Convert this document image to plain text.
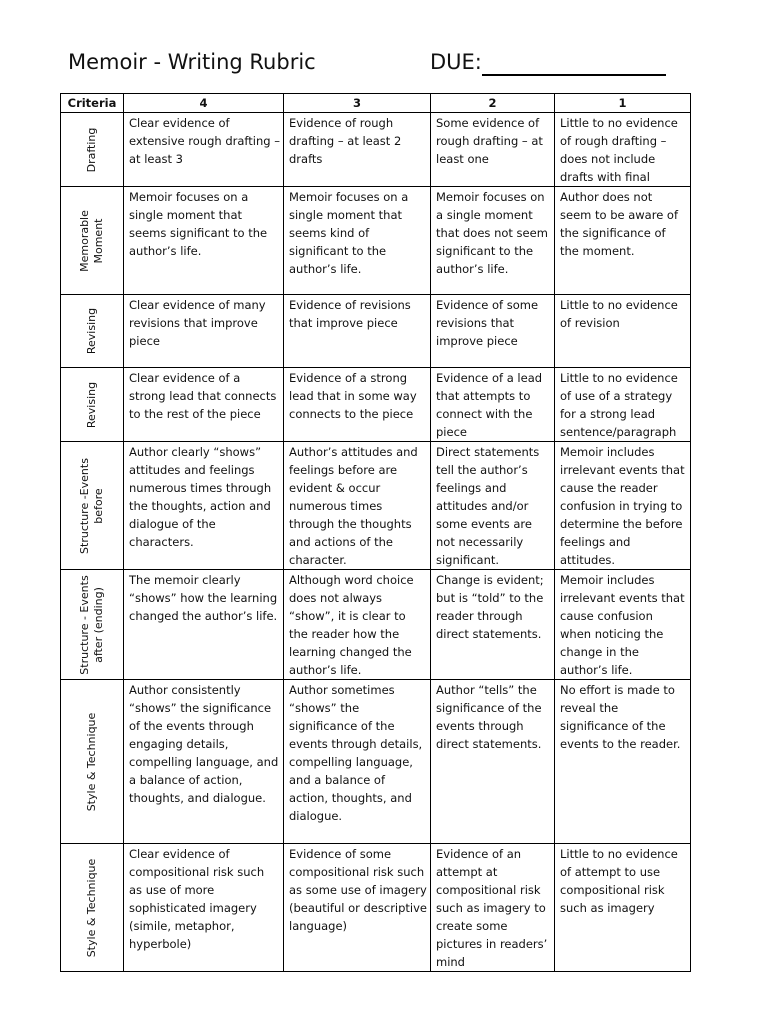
Memoir - Writing Rubric	DUE:
Criteria	4	3	2	1

Drafting	Clear evidence of extensive rough drafting – at least 3	Evidence of rough drafting – at least 2 drafts	Some evidence of rough drafting – at least one	Little to no evidence of rough drafting – does not include drafts with final

Memorable Moment	Memoir focuses on a single moment that seems significant to the author’s life.	Memoir focuses on a single moment that seems kind of significant to the author’s life.	Memoir focuses on a single moment that does not seem significant to the author’s life.	Author does not seem to be aware of the significance of the moment.

Revising	Clear evidence of many revisions that improve piece	Evidence of revisions that improve piece	Evidence of some revisions that improve piece	Little to no evidence of revision

Revising	Clear evidence of a strong lead that connects to the rest of the piece	Evidence of a strong lead that in some way connects to the piece	Evidence of a lead that attempts to connect with the piece	Little to no evidence of use of a strategy for a strong lead sentence/paragraph

Structure -Events before	Author clearly “shows” attitudes and feelings numerous times through the thoughts, action and dialogue of the characters.	Author’s attitudes and feelings before are evident & occur numerous times through the thoughts and actions of the character.	Direct statements tell the author’s feelings and attitudes and/or some events are not necessarily significant.	Memoir includes irrelevant events that cause the reader confusion in trying to determine the before feelings and attitudes.

Structure - Events after (ending)	The memoir clearly “shows” how the learning changed the author’s life.	Although word choice does not always “show”, it is clear to the reader how the learning changed the author’s life.	Change is evident; but is “told” to the reader through direct statements.	Memoir includes irrelevant events that cause confusion when noticing the change in the author’s life.

Style & Technique	Author consistently “shows” the significance of the events through engaging details, compelling language, and a balance of action, thoughts, and dialogue.	Author sometimes “shows” the significance of the events through details, compelling language, and a balance of action, thoughts, and dialogue.	Author “tells” the significance of the events through direct statements.	No effort is made to reveal the significance of the events to the reader.

Style & Technique	Clear evidence of compositional risk such as use of more sophisticated imagery (simile, metaphor, hyperbole)	Evidence of some compositional risk such as some use of imagery (beautiful or descriptive language)	Evidence of an attempt at compositional risk such as imagery to create some pictures in readers’ mind	Little to no evidence of attempt to use compositional risk such as imagery
